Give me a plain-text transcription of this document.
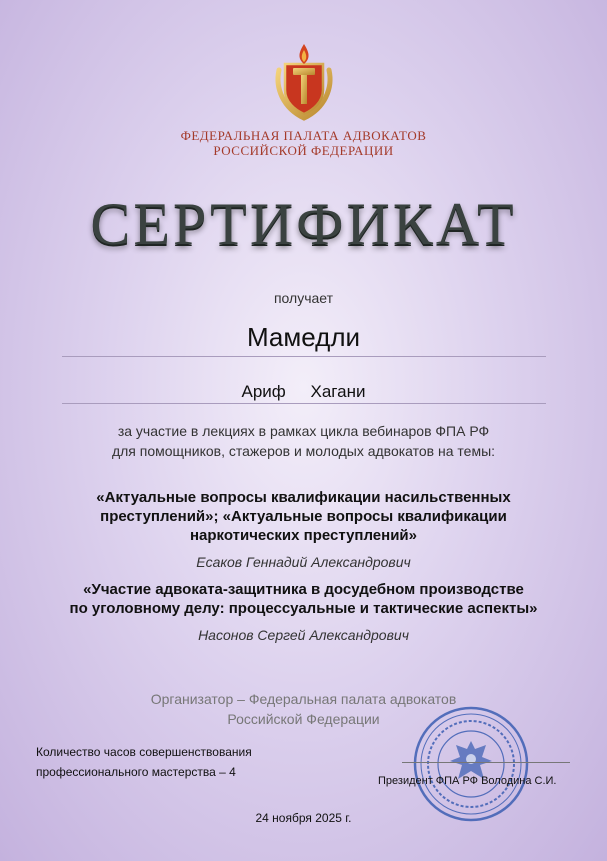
ФЕДЕРАЛЬНАЯ ПАЛАТА АДВОКАТОВ
РОССИЙСКОЙ ФЕДЕРАЦИИ
СЕРТИФИКАТ
получает
Мамедли
Ариф Хагани
за участие в лекциях в рамках цикла вебинаров ФПА РФ
для помощников, стажеров и молодых адвокатов на темы:
«Актуальные вопросы квалификации насильственных
преступлений»; «Актуальные вопросы квалификации
наркотических преступлений»
Есаков Геннадий Александрович
«Участие адвоката-защитника в досудебном производстве
по уголовному делу: процессуальные и тактические аспекты»
Насонов Сергей Александрович
Организатор – Федеральная палата адвокатов
Российской Федерации
Количество часов совершенствования
профессионального мастерства – 4
Президент ФПА РФ Володина С.И.
24 ноября 2025 г.
